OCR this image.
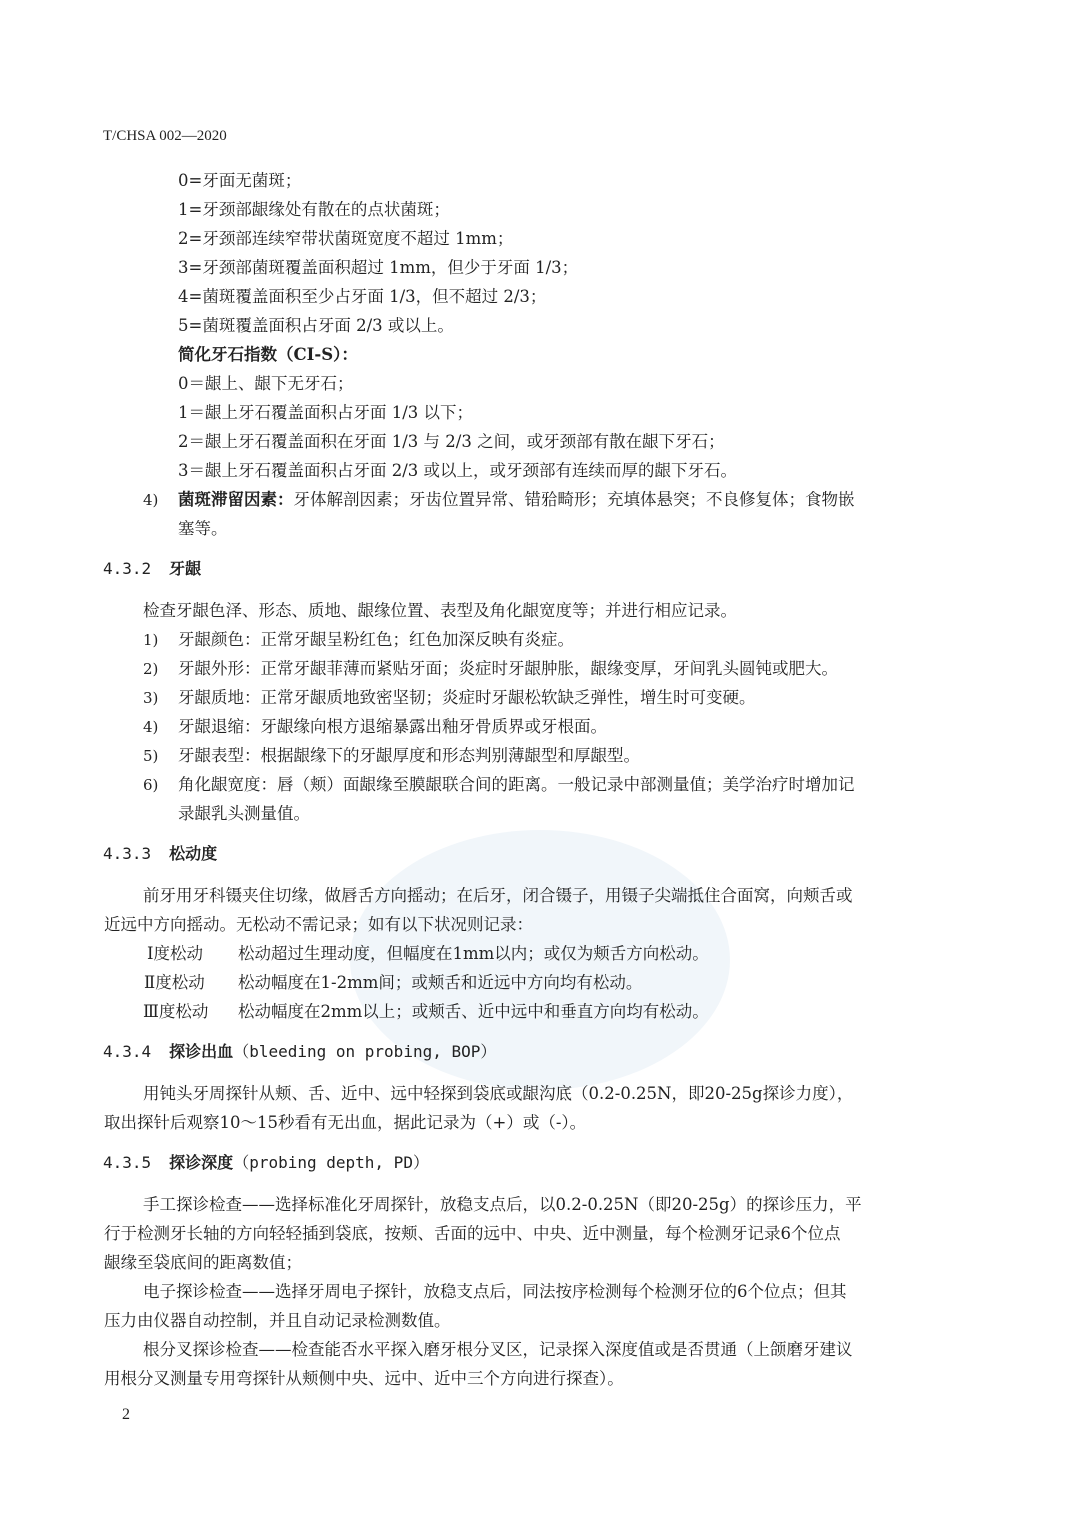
T/CHSA 002—2020
0=牙面无菌斑；
1=牙颈部龈缘处有散在的点状菌斑；
2=牙颈部连续窄带状菌斑宽度不超过 1mm；
3=牙颈部菌斑覆盖面积超过 1mm，但少于牙面 1/3；
4=菌斑覆盖面积至少占牙面 1/3，但不超过 2/3；
5=菌斑覆盖面积占牙面 2/3 或以上。
简化牙石指数（CI-S）：
0＝龈上、龈下无牙石；
1＝龈上牙石覆盖面积占牙面 1/3 以下；
2＝龈上牙石覆盖面积在牙面 1/3 与 2/3 之间，或牙颈部有散在龈下牙石；
3＝龈上牙石覆盖面积占牙面 2/3 或以上，或牙颈部有连续而厚的龈下牙石。
4) 菌斑滞留因素：牙体解剖因素；牙齿位置异常、错𬌗畸形；充填体悬突；不良修复体；食物嵌
塞等。
4.3.2 牙龈
检查牙龈色泽、形态、质地、龈缘位置、表型及角化龈宽度等；并进行相应记录。
1) 牙龈颜色：正常牙龈呈粉红色；红色加深反映有炎症。
2) 牙龈外形：正常牙龈菲薄而紧贴牙面；炎症时牙龈肿胀，龈缘变厚，牙间乳头圆钝或肥大。
3) 牙龈质地：正常牙龈质地致密坚韧；炎症时牙龈松软缺乏弹性，增生时可变硬。
4) 牙龈退缩：牙龈缘向根方退缩暴露出釉牙骨质界或牙根面。
5) 牙龈表型：根据龈缘下的牙龈厚度和形态判别薄龈型和厚龈型。
6) 角化龈宽度：唇（颊）面龈缘至膜龈联合间的距离。一般记录中部测量值；美学治疗时增加记
录龈乳头测量值。
4.3.3 松动度
前牙用牙科镊夹住切缘，做唇舌方向摇动；在后牙，闭合镊子，用镊子尖端抵住合面窝，向颊舌或
近远中方向摇动。无松动不需记录；如有以下状况则记录：
Ⅰ度松动 松动超过生理动度，但幅度在1mm以内；或仅为颊舌方向松动。
Ⅱ度松动 松动幅度在1-2mm间；或颊舌和近远中方向均有松动。
Ⅲ度松动 松动幅度在2mm以上；或颊舌、近中远中和垂直方向均有松动。
4.3.4 探诊出血（bleeding on probing, BOP）
用钝头牙周探针从颊、舌、近中、远中轻探到袋底或龈沟底（0.2-0.25N，即20-25g探诊力度），
取出探针后观察10～15秒看有无出血，据此记录为（+）或（-）。
4.3.5 探诊深度（probing depth, PD）
手工探诊检查——选择标准化牙周探针，放稳支点后，以0.2-0.25N（即20-25g）的探诊压力，平
行于检测牙长轴的方向轻轻插到袋底，按颊、舌面的远中、中央、近中测量，每个检测牙记录6个位点
龈缘至袋底间的距离数值；
电子探诊检查——选择牙周电子探针，放稳支点后，同法按序检测每个检测牙位的6个位点；但其
压力由仪器自动控制，并且自动记录检测数值。
根分叉探诊检查——检查能否水平探入磨牙根分叉区，记录探入深度值或是否贯通（上颌磨牙建议
用根分叉测量专用弯探针从颊侧中央、远中、近中三个方向进行探查）。
2
